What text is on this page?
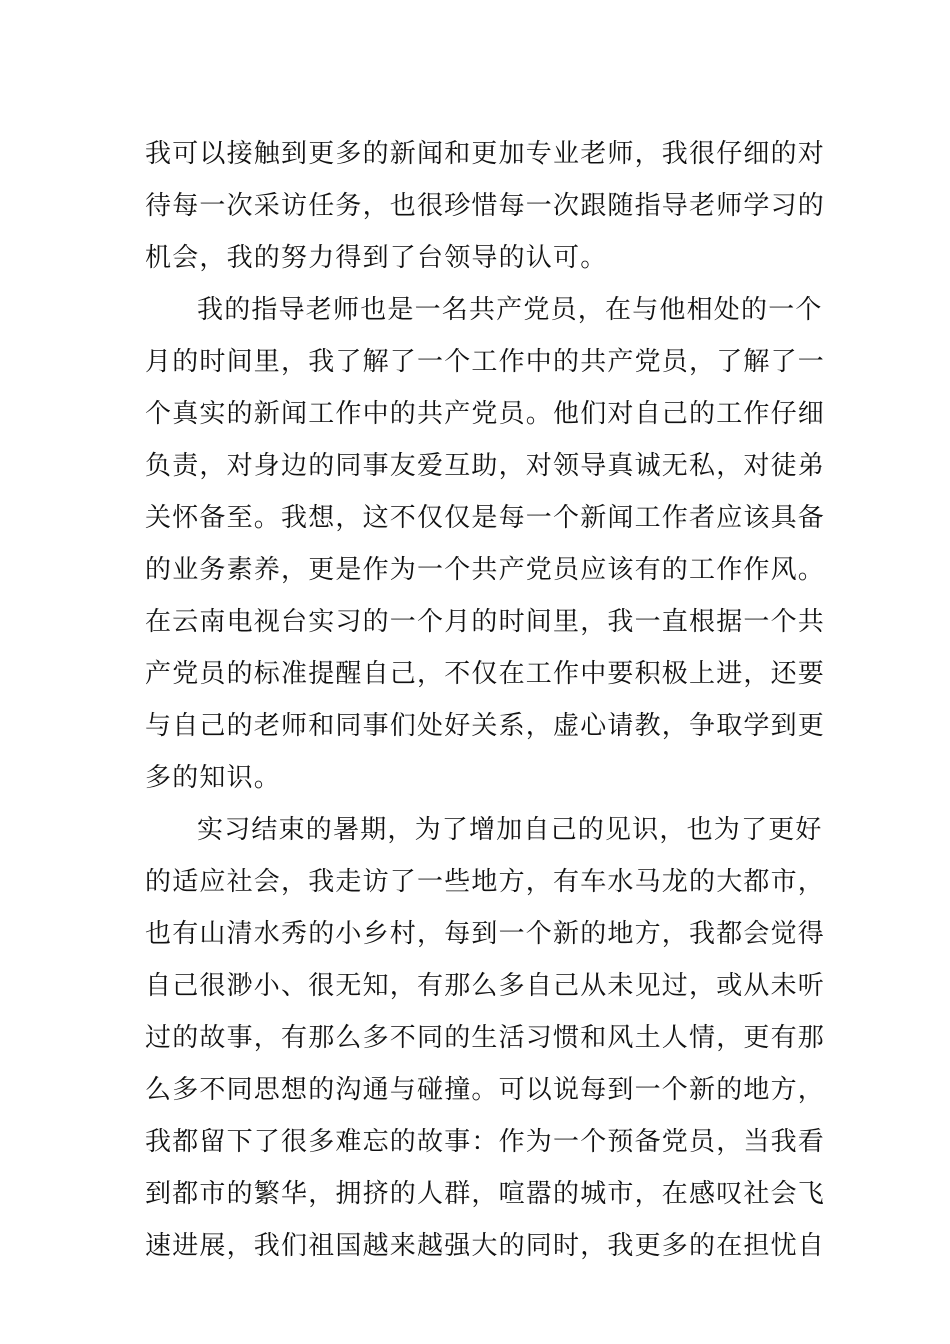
我可以接触到更多的新闻和更加专业老师，我很仔细的对
待每一次采访任务，也很珍惜每一次跟随指导老师学习的
机会，我的努力得到了台领导的认可。
我的指导老师也是一名共产党员，在与他相处的一个
月的时间里，我了解了一个工作中的共产党员，了解了一
个真实的新闻工作中的共产党员。他们对自己的工作仔细
负责，对身边的同事友爱互助，对领导真诚无私，对徒弟
关怀备至。我想，这不仅仅是每一个新闻工作者应该具备
的业务素养，更是作为一个共产党员应该有的工作作风。
在云南电视台实习的一个月的时间里，我一直根据一个共
产党员的标准提醒自己，不仅在工作中要积极上进，还要
与自己的老师和同事们处好关系，虚心请教，争取学到更
多的知识。
实习结束的暑期，为了增加自己的见识，也为了更好
的适应社会，我走访了一些地方，有车水马龙的大都市，
也有山清水秀的小乡村，每到一个新的地方，我都会觉得
自己很渺小、很无知，有那么多自己从未见过，或从未听
过的故事，有那么多不同的生活习惯和风土人情，更有那
么多不同思想的沟通与碰撞。可以说每到一个新的地方，
我都留下了很多难忘的故事：作为一个预备党员，当我看
到都市的繁华，拥挤的人群，喧嚣的城市，在感叹社会飞
速进展，我们祖国越来越强大的同时，我更多的在担忧自
